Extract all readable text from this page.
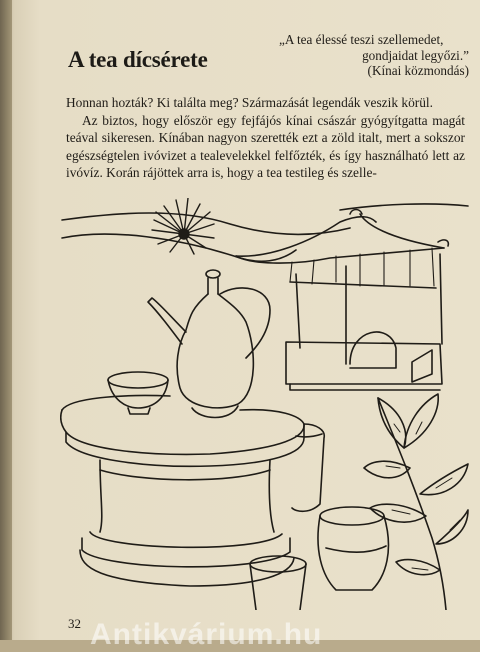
A tea dícsérete
„A tea élessé teszi szellemedet,
gondjaidat legyőzi.”
(Kínai közmondás)

Honnan hozták? Ki találta meg? Származását legendák veszik körül.

Az biztos, hogy először egy fejfájós kínai császár gyógyítgatta magát teával sikeresen. Kínában nagyon szerették ezt a zöld italt, mert a sokszor egészségtelen ivóvizet a tealevelekkel felfőzték, és így használható lett az ivóvíz. Korán rájöttek arra is, hogy a tea testileg és szelle-

32 Antikvárium.hu
